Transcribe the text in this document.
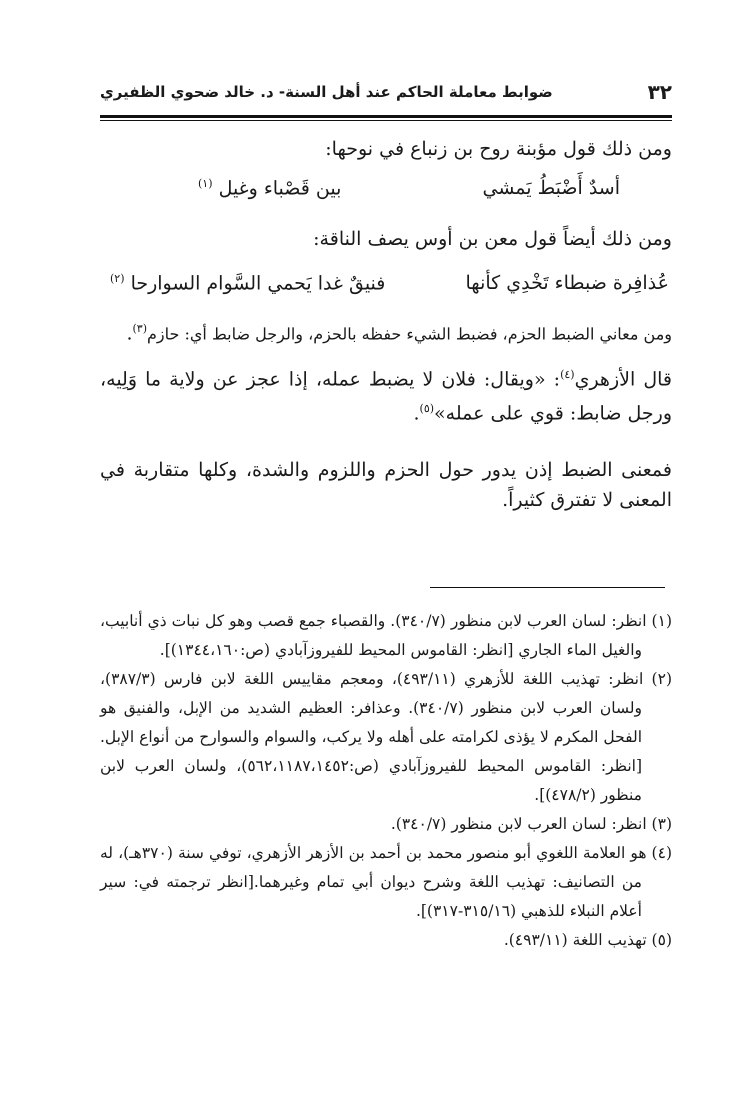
٣٢
ضوابط معاملة الحاكم عند أهل السنة- د. خالد ضحوي الظفيري
ومن ذلك قول مؤبنة روح بن زنباع في نوحها:
أسدٌ أَضْبَطُ يَمشي
بين قَصْباء وغيل $^{(١)}$
ومن ذلك أيضاً قول معن بن أوس يصف الناقة:
عُذافِرة ضبطاء تَخْدِي كأنها
فنيقٌ غدا يَحمي السَّوام السوارحا $^{(٢)}$
ومن معاني الضبط الحزم، فضبط الشيء حفظه بالحزم، والرجل ضابط أي: حازم$^{(٣)}$.
قال الأزهري$^{(٤)}$: «ويقال: فلان لا يضبط عمله، إذا عجز عن ولاية ما وَلِيه، ورجل ضابط: قوي على عمله»$^{(٥)}$.
فمعنى الضبط إذن يدور حول الحزم واللزوم والشدة، وكلها متقاربة في المعنى لا تفترق كثيراً.

(١) انظر: لسان العرب لابن منظور (٣٤٠/٧). والقصباء جمع قصب وهو كل نبات ذي أنابيب، والغيل الماء الجاري [انظر: القاموس المحيط للفيروزآبادي (ص:١٣٤٤،١٦٠)].

(٢) انظر: تهذيب اللغة للأزهري (٤٩٣/١١)، ومعجم مقاييس اللغة لابن فارس (٣٨٧/٣)، ولسان العرب لابن منظور (٣٤٠/٧). وعذافر: العظيم الشديد من الإبل، والفنيق هو الفحل المكرم لا يؤذى لكرامته على أهله ولا يركب، والسوام والسوارح من أنواع الإبل. [انظر: القاموس المحيط للفيروزآبادي (ص:٥٦٢،١١٨٧،١٤٥٢)، ولسان العرب لابن منظور (٤٧٨/٢)].

(٣) انظر: لسان العرب لابن منظور (٣٤٠/٧).

(٤) هو العلامة اللغوي أبو منصور محمد بن أحمد بن الأزهر الأزهري، توفي سنة (٣٧٠هـ)، له من التصانيف: تهذيب اللغة وشرح ديوان أبي تمام وغيرهما.[انظر ترجمته في: سير أعلام النبلاء للذهبي (٣١٥/١٦-٣١٧)].

(٥) تهذيب اللغة (٤٩٣/١١).
